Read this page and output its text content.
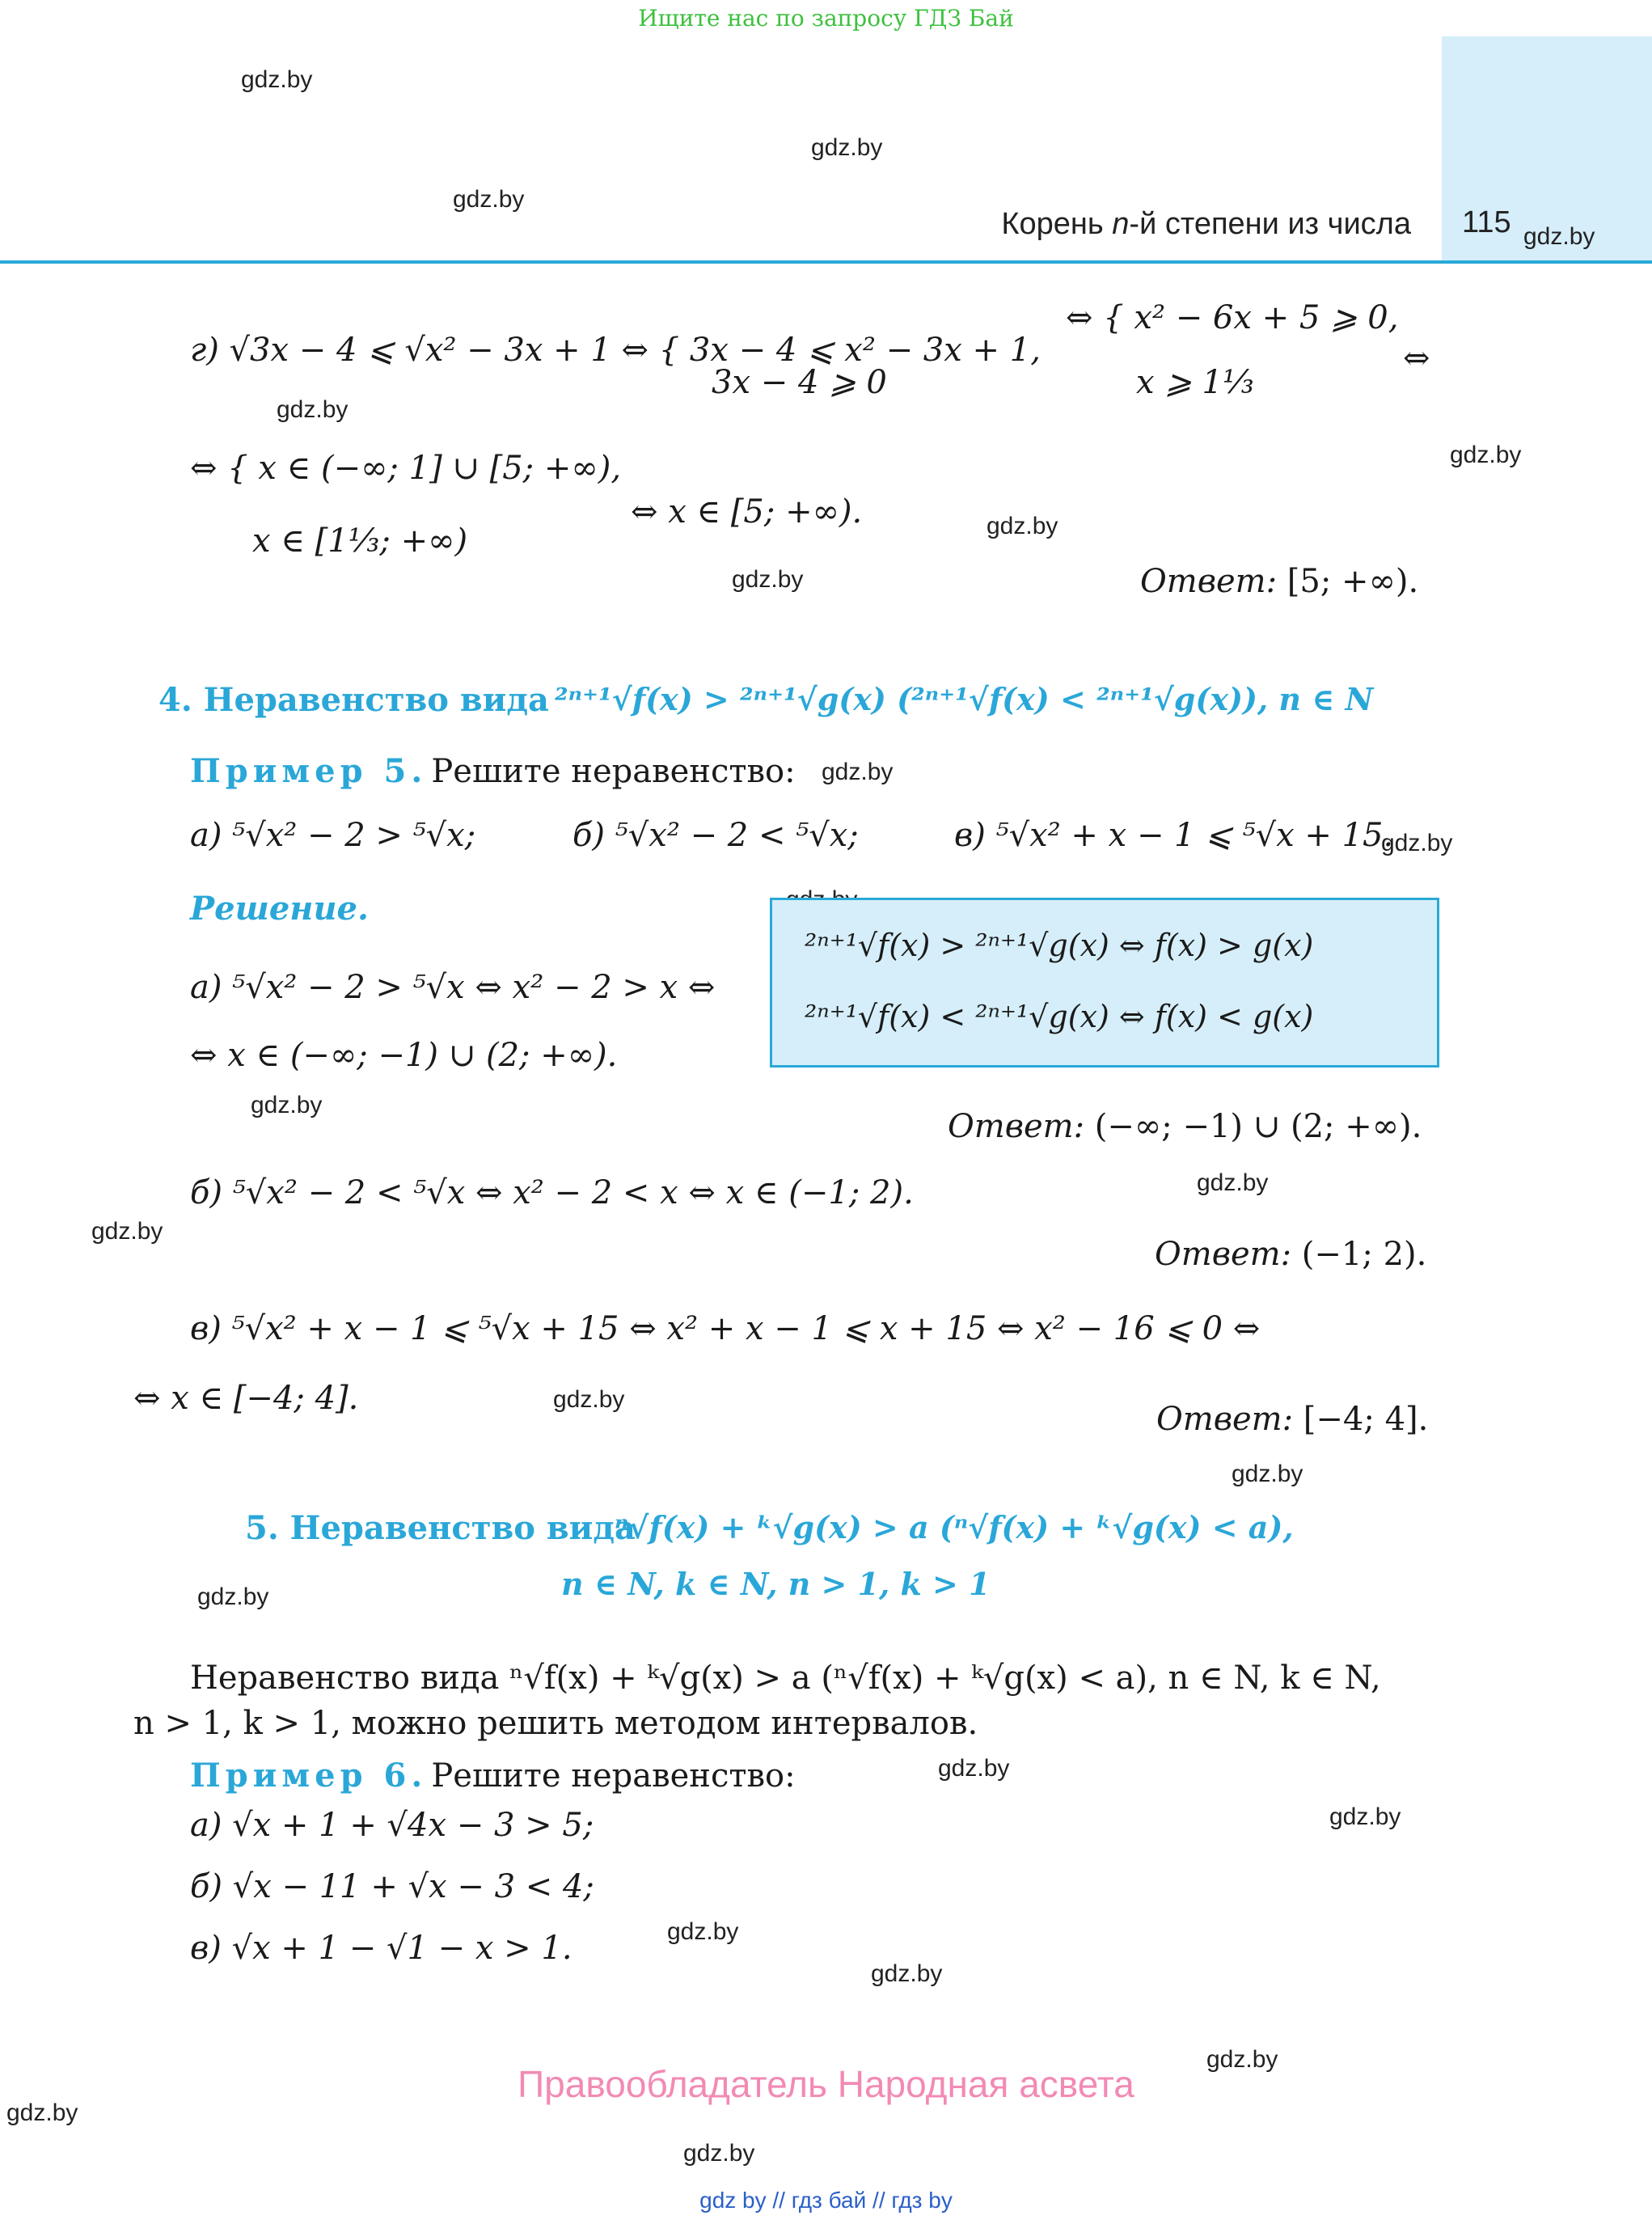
Ищите нас по запросу ГДЗ Бай
Корень n-й степени из числа 115
gdz.by
gdz.by
gdz.by
gdz.by
gdz.by
gdz.by
gdz.by
gdz.by
gdz.by
gdz.by
gdz.by
gdz.by
gdz.by
gdz.by
gdz.by
gdz.by
gdz.by
gdz.by
gdz.by
gdz.by
gdz.by
gdz.by
gdz.by
г) √3x − 4 ⩽ √x² − 3x + 1 ⇔ { 3x − 4 ⩽ x² − 3x + 1,
3x − 4 ⩾ 0
⇔ { x² − 6x + 5 ⩾ 0,
x ⩾ 1⅓
⇔
⇔ { x ∈ (−∞; 1] ∪ [5; +∞),
x ∈ [1⅓; +∞)
⇔ x ∈ [5; +∞).
Ответ: [5; +∞).
4. Неравенство вида ²ⁿ⁺¹√f(x) > ²ⁿ⁺¹√g(x) (²ⁿ⁺¹√f(x) < ²ⁿ⁺¹√g(x)), n ∈ N
Пример 5. Решите неравенство:
а) ⁵√x² − 2 > ⁵√x;	б) ⁵√x² − 2 < ⁵√x;	в) ⁵√x² + x − 1 ⩽ ⁵√x + 15.
Решение.
²ⁿ⁺¹√f(x) > ²ⁿ⁺¹√g(x) ⇔ f(x) > g(x)
²ⁿ⁺¹√f(x) < ²ⁿ⁺¹√g(x) ⇔ f(x) < g(x)
а) ⁵√x² − 2 > ⁵√x ⇔ x² − 2 > x ⇔
⇔ x ∈ (−∞; −1) ∪ (2; +∞).
Ответ: (−∞; −1) ∪ (2; +∞).
б) ⁵√x² − 2 < ⁵√x ⇔ x² − 2 < x ⇔ x ∈ (−1; 2).
Ответ: (−1; 2).
в) ⁵√x² + x − 1 ⩽ ⁵√x + 15 ⇔ x² + x − 1 ⩽ x + 15 ⇔ x² − 16 ⩽ 0 ⇔
⇔ x ∈ [−4; 4].
Ответ: [−4; 4].
5. Неравенство вида
ⁿ√f(x) + ᵏ√g(x) > a (ⁿ√f(x) + ᵏ√g(x) < a),
n ∈ N, k ∈ N, n > 1, k > 1
Неравенство вида ⁿ√f(x) + ᵏ√g(x) > a (ⁿ√f(x) + ᵏ√g(x) < a), n ∈ N, k ∈ N,
n > 1, k > 1, можно решить методом интервалов.
Пример 6. Решите неравенство:
а) √x + 1 + √4x − 3 > 5;
б) √x − 11 + √x − 3 < 4;
в) √x + 1 − √1 − x > 1.
Правообладатель Народная асвета
gdz by // гдз бай // гдз by
